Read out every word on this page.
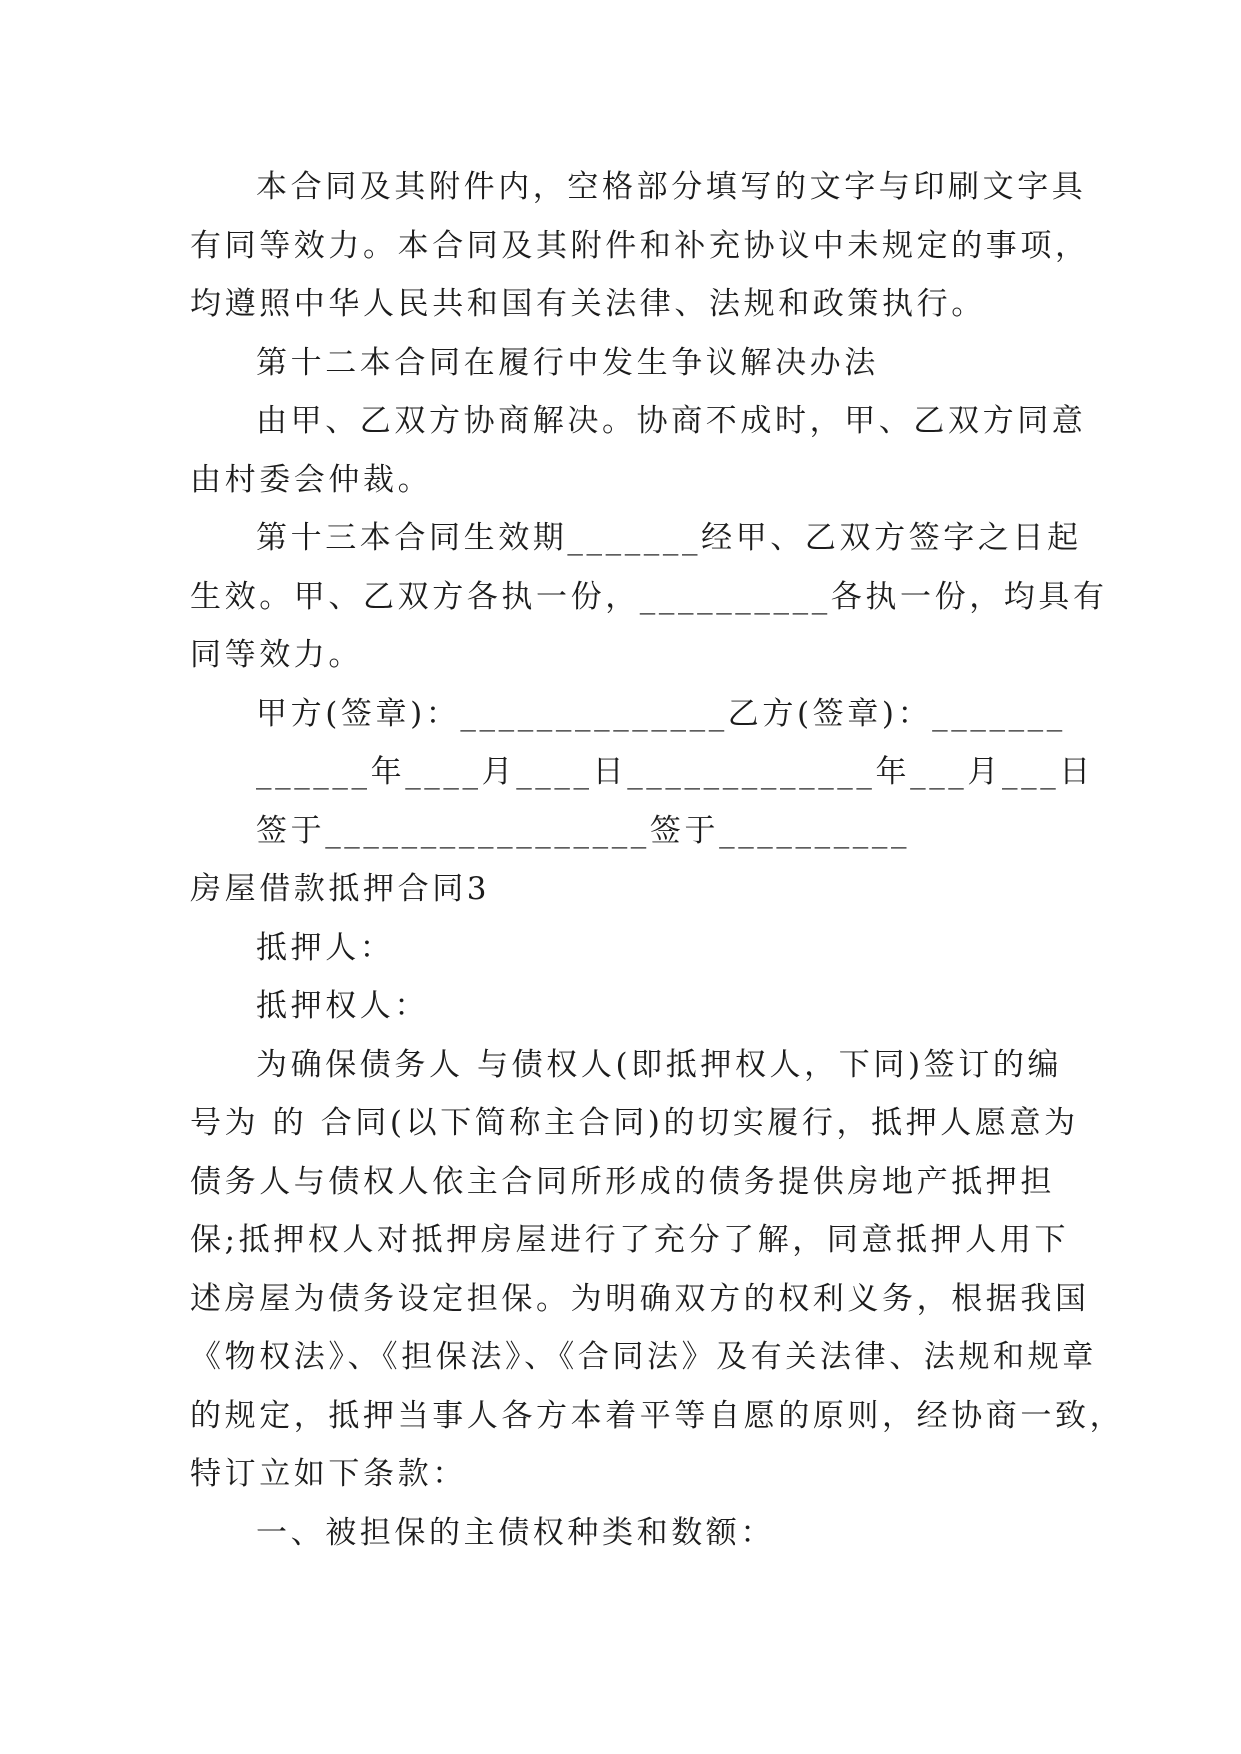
本合同及其附件内，空格部分填写的文字与印刷文字具

有同等效力。本合同及其附件和补充协议中未规定的事项，

均遵照中华人民共和国有关法律、法规和政策执行。

第十二本合同在履行中发生争议解决办法

由甲、乙双方协商解决。协商不成时，甲、乙双方同意

由村委会仲裁。

第十三本合同生效期_______经甲、乙双方签字之日起

生效。甲、乙双方各执一份，__________各执一份，均具有

同等效力。

甲方(签章)：______________乙方(签章)：_______

______年____月____日_____________年___月___日

签于_________________签于__________

房屋借款抵押合同3

抵押人：

抵押权人：

为确保债务人 与债权人(即抵押权人，下同)签订的编

号为 的 合同(以下简称主合同)的切实履行，抵押人愿意为

债务人与债权人依主合同所形成的债务提供房地产抵押担

保;抵押权人对抵押房屋进行了充分了解，同意抵押人用下

述房屋为债务设定担保。为明确双方的权利义务，根据我国

《物权法》、《担保法》、《合同法》及有关法律、法规和规章

的规定，抵押当事人各方本着平等自愿的原则，经协商一致，

特订立如下条款：

一、被担保的主债权种类和数额：
